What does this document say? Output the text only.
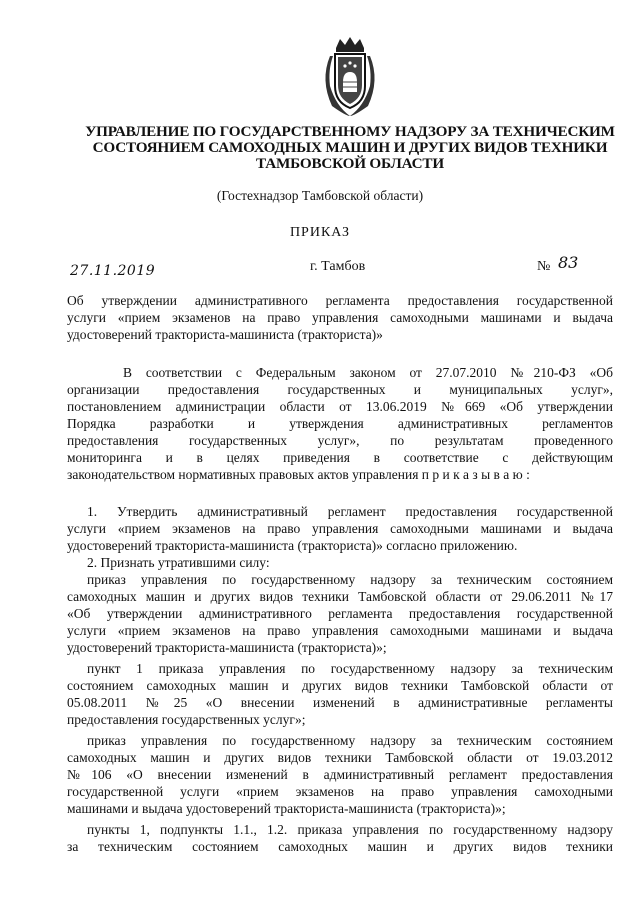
УПРАВЛЕНИЕ ПО ГОСУДАРСТВЕННОМУ НАДЗОРУ ЗА ТЕХНИЧЕСКИМ
СОСТОЯНИЕМ САМОХОДНЫХ МАШИН И ДРУГИХ ВИДОВ ТЕХНИКИ
ТАМБОВСКОЙ ОБЛАСТИ
(Гостехнадзор Тамбовской области)
ПРИКАЗ
27.11.2019	г. Тамбов	№ 83
Об утверждении административного регламента предоставления государственной
услуги «прием экзаменов на право управления самоходными машинами и выдача
удостоверений тракториста-машиниста (тракториста)»
В соответствии с Федеральным законом от 27.07.2010 №210-ФЗ «Об
организации предоставления государственных и муниципальных услуг»,
постановлением администрации области от 13.06.2019 №669 «Об утверждении
Порядка разработки и утверждения административных регламентов
предоставления государственных услуг», по результатам проведенного
мониторинга и в целях приведения в соответствие с действующим
законодательством нормативных правовых актов управления п р и к а з ы в а ю :
1. Утвердить административный регламент предоставления государственной
услуги «прием экзаменов на право управления самоходными машинами и выдача
удостоверений тракториста-машиниста (тракториста)» согласно приложению.
2. Признать утратившими силу:
приказ управления по государственному надзору за техническим состоянием
самоходных машин и других видов техники Тамбовской области от 29.06.2011 №17
«Об утверждении административного регламента предоставления государственной
услуги «прием экзаменов на право управления самоходными машинами и выдача
удостоверений тракториста-машиниста (тракториста)»;
пункт 1 приказа управления по государственному надзору за техническим
состоянием самоходных машин и других видов техники Тамбовской области от
05.08.2011 №25 «О внесении изменений в административные регламенты
предоставления государственных услуг»;
приказ управления по государственному надзору за техническим состоянием
самоходных машин и других видов техники Тамбовской области от 19.03.2012
№106 «О внесении изменений в административный регламент предоставления
государственной услуги «прием экзаменов на право управления самоходными
машинами и выдача удостоверений тракториста-машиниста (тракториста)»;
пункты 1, подпункты 1.1., 1.2. приказа управления по государственному надзору
за техническим состоянием самоходных машин и других видов техники
